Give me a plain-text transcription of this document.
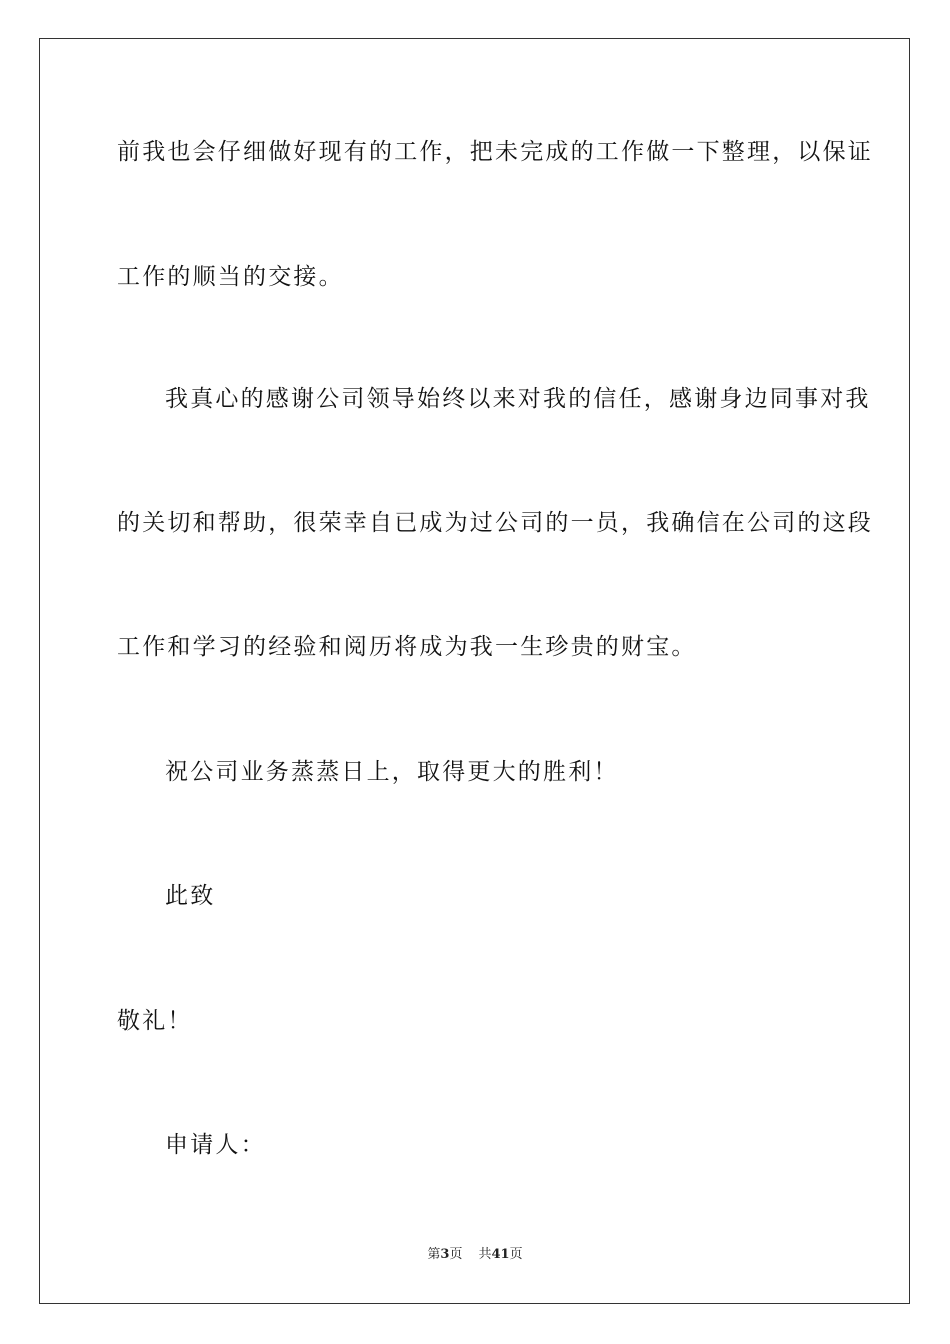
前我也会仔细做好现有的工作，把未完成的工作做一下整理，以保证
工作的顺当的交接。
我真心的感谢公司领导始终以来对我的信任，感谢身边同事对我
的关切和帮助，很荣幸自已成为过公司的一员，我确信在公司的这段
工作和学习的经验和阅历将成为我一生珍贵的财宝。
祝公司业务蒸蒸日上，取得更大的胜利！
此致
敬礼！
申请人：
第3页 共41页
